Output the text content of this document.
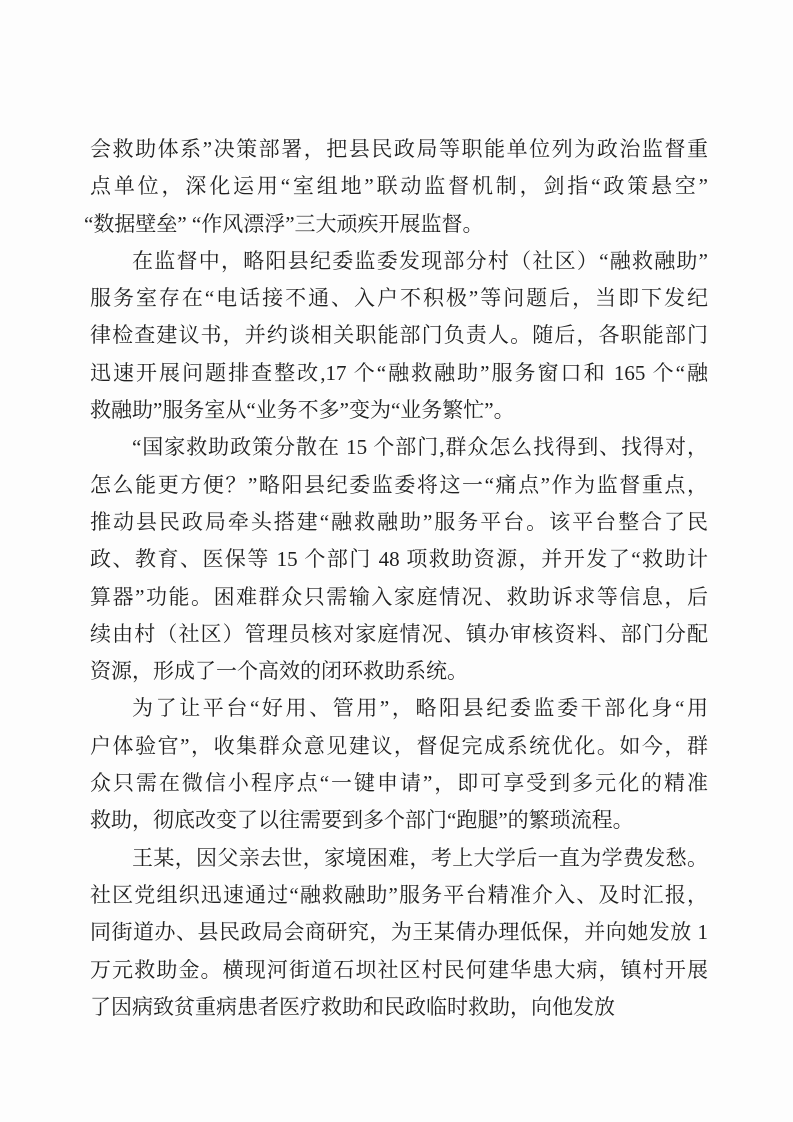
会救助体系”决策部署，把县民政局等职能单位列为政治监督重
点单位，深化运用“室组地”联动监督机制，剑指“政策悬空”
“数据壁垒” “作风漂浮”三大顽疾开展监督。
在监督中，略阳县纪委监委发现部分村（社区）“融救融助”
服务室存在“电话接不通、入户不积极”等问题后，当即下发纪
律检查建议书，并约谈相关职能部门负责人。随后，各职能部门
迅速开展问题排查整改,17 个“融救融助”服务窗口和 165 个“融
救融助”服务室从“业务不多”变为“业务繁忙”。
“国家救助政策分散在 15 个部门,群众怎么找得到、找得对，
怎么能更方便？”略阳县纪委监委将这一“痛点”作为监督重点，
推动县民政局牵头搭建“融救融助”服务平台。该平台整合了民
政、教育、医保等 15 个部门 48 项救助资源，并开发了“救助计
算器”功能。困难群众只需输入家庭情况、救助诉求等信息，后
续由村（社区）管理员核对家庭情况、镇办审核资料、部门分配
资源，形成了一个高效的闭环救助系统。
为了让平台“好用、管用”，略阳县纪委监委干部化身“用
户体验官”，收集群众意见建议，督促完成系统优化。如今，群
众只需在微信小程序点“一键申请”，即可享受到多元化的精准
救助，彻底改变了以往需要到多个部门“跑腿”的繁琐流程。
王某，因父亲去世，家境困难，考上大学后一直为学费发愁。
社区党组织迅速通过“融救融助”服务平台精准介入、及时汇报，
同街道办、县民政局会商研究，为王某倩办理低保，并向她发放 1
万元救助金。横现河街道石坝社区村民何建华患大病，镇村开展
了因病致贫重病患者医疗救助和民政临时救助，向他发放
